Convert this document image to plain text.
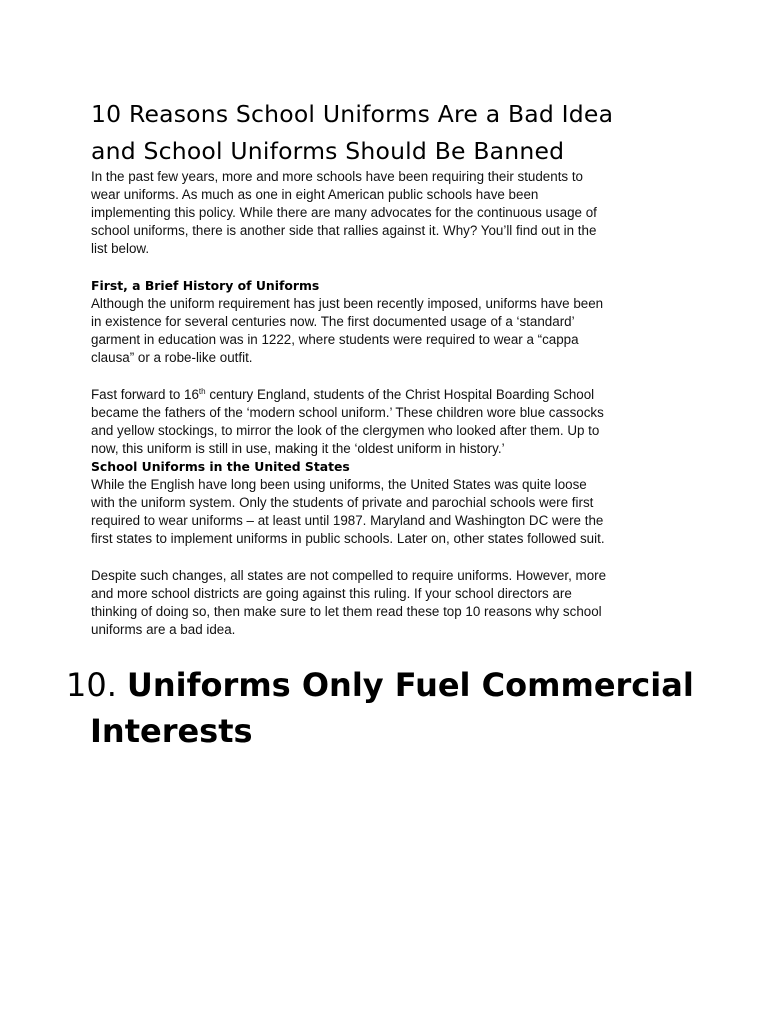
10 Reasons School Uniforms Are a Bad Idea
and School Uniforms Should Be Banned

In the past few years, more and more schools have been requiring their students to
wear uniforms. As much as one in eight American public schools have been
implementing this policy. While there are many advocates for the continuous usage of
school uniforms, there is another side that rallies against it. Why? You’ll find out in the
list below.

First, a Brief History of Uniforms

Although the uniform requirement has just been recently imposed, uniforms have been
in existence for several centuries now. The first documented usage of a ‘standard’
garment in education was in 1222, where students were required to wear a “cappa
clausa” or a robe-like outfit.

Fast forward to 16th century England, students of the Christ Hospital Boarding School
became the fathers of the ‘modern school uniform.’ These children wore blue cassocks
and yellow stockings, to mirror the look of the clergymen who looked after them. Up to
now, this uniform is still in use, making it the ‘oldest uniform in history.’

School Uniforms in the United States

While the English have long been using uniforms, the United States was quite loose
with the uniform system. Only the students of private and parochial schools were first
required to wear uniforms – at least until 1987. Maryland and Washington DC were the
first states to implement uniforms in public schools. Later on, other states followed suit.

Despite such changes, all states are not compelled to require uniforms. However, more
and more school districts are going against this ruling. If your school directors are
thinking of doing so, then make sure to let them read these top 10 reasons why school
uniforms are a bad idea.

10. Uniforms Only Fuel Commercial
Interests
